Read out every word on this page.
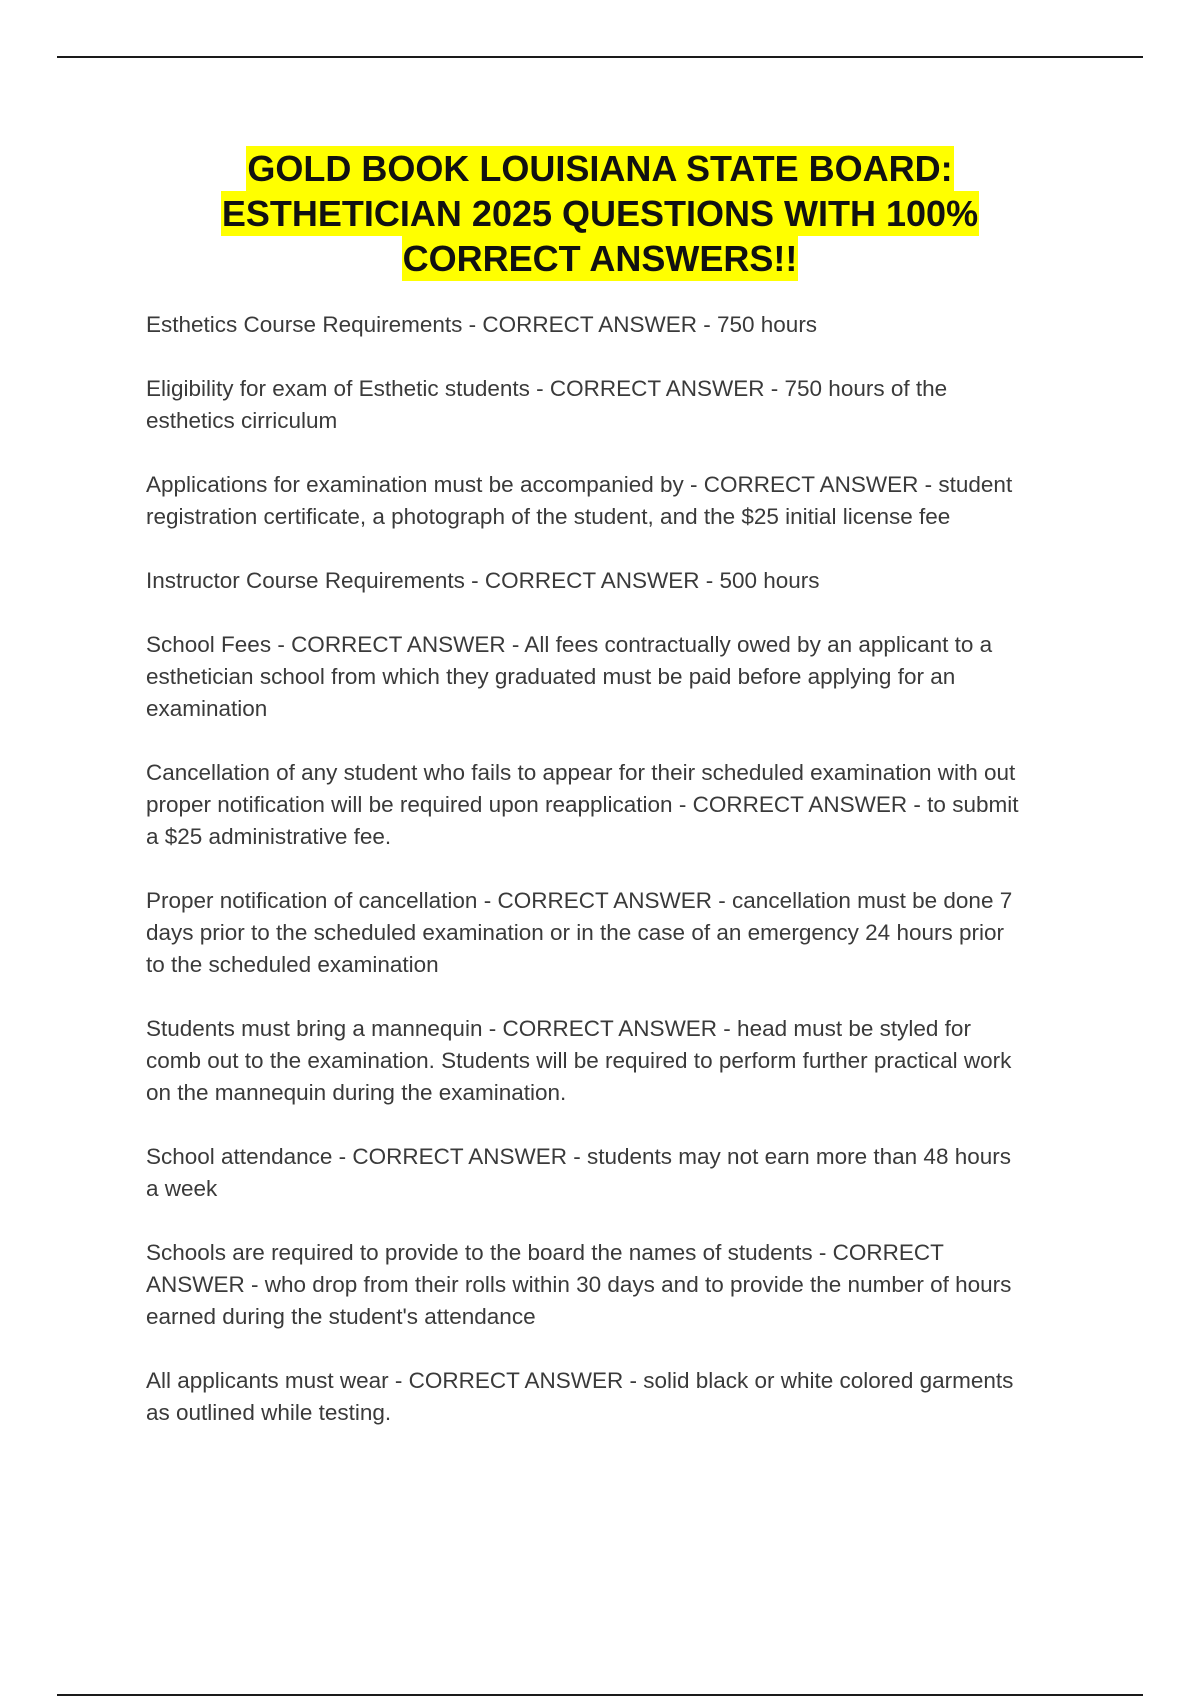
GOLD BOOK LOUISIANA STATE BOARD:
ESTHETICIAN 2025 QUESTIONS WITH 100%
CORRECT ANSWERS!!

Esthetics Course Requirements - CORRECT ANSWER - 750 hours

Eligibility for exam of Esthetic students - CORRECT ANSWER - 750 hours of the
esthetics cirriculum

Applications for examination must be accompanied by - CORRECT ANSWER - student
registration certificate, a photograph of the student, and the $25 initial license fee

Instructor Course Requirements - CORRECT ANSWER - 500 hours

School Fees - CORRECT ANSWER - All fees contractually owed by an applicant to a
esthetician school from which they graduated must be paid before applying for an
examination

Cancellation of any student who fails to appear for their scheduled examination with out
proper notification will be required upon reapplication - CORRECT ANSWER - to submit
a $25 administrative fee.

Proper notification of cancellation - CORRECT ANSWER - cancellation must be done 7
days prior to the scheduled examination or in the case of an emergency 24 hours prior
to the scheduled examination

Students must bring a mannequin - CORRECT ANSWER - head must be styled for
comb out to the examination. Students will be required to perform further practical work
on the mannequin during the examination.

School attendance - CORRECT ANSWER - students may not earn more than 48 hours
a week

Schools are required to provide to the board the names of students - CORRECT
ANSWER - who drop from their rolls within 30 days and to provide the number of hours
earned during the student's attendance

All applicants must wear - CORRECT ANSWER - solid black or white colored garments
as outlined while testing.
